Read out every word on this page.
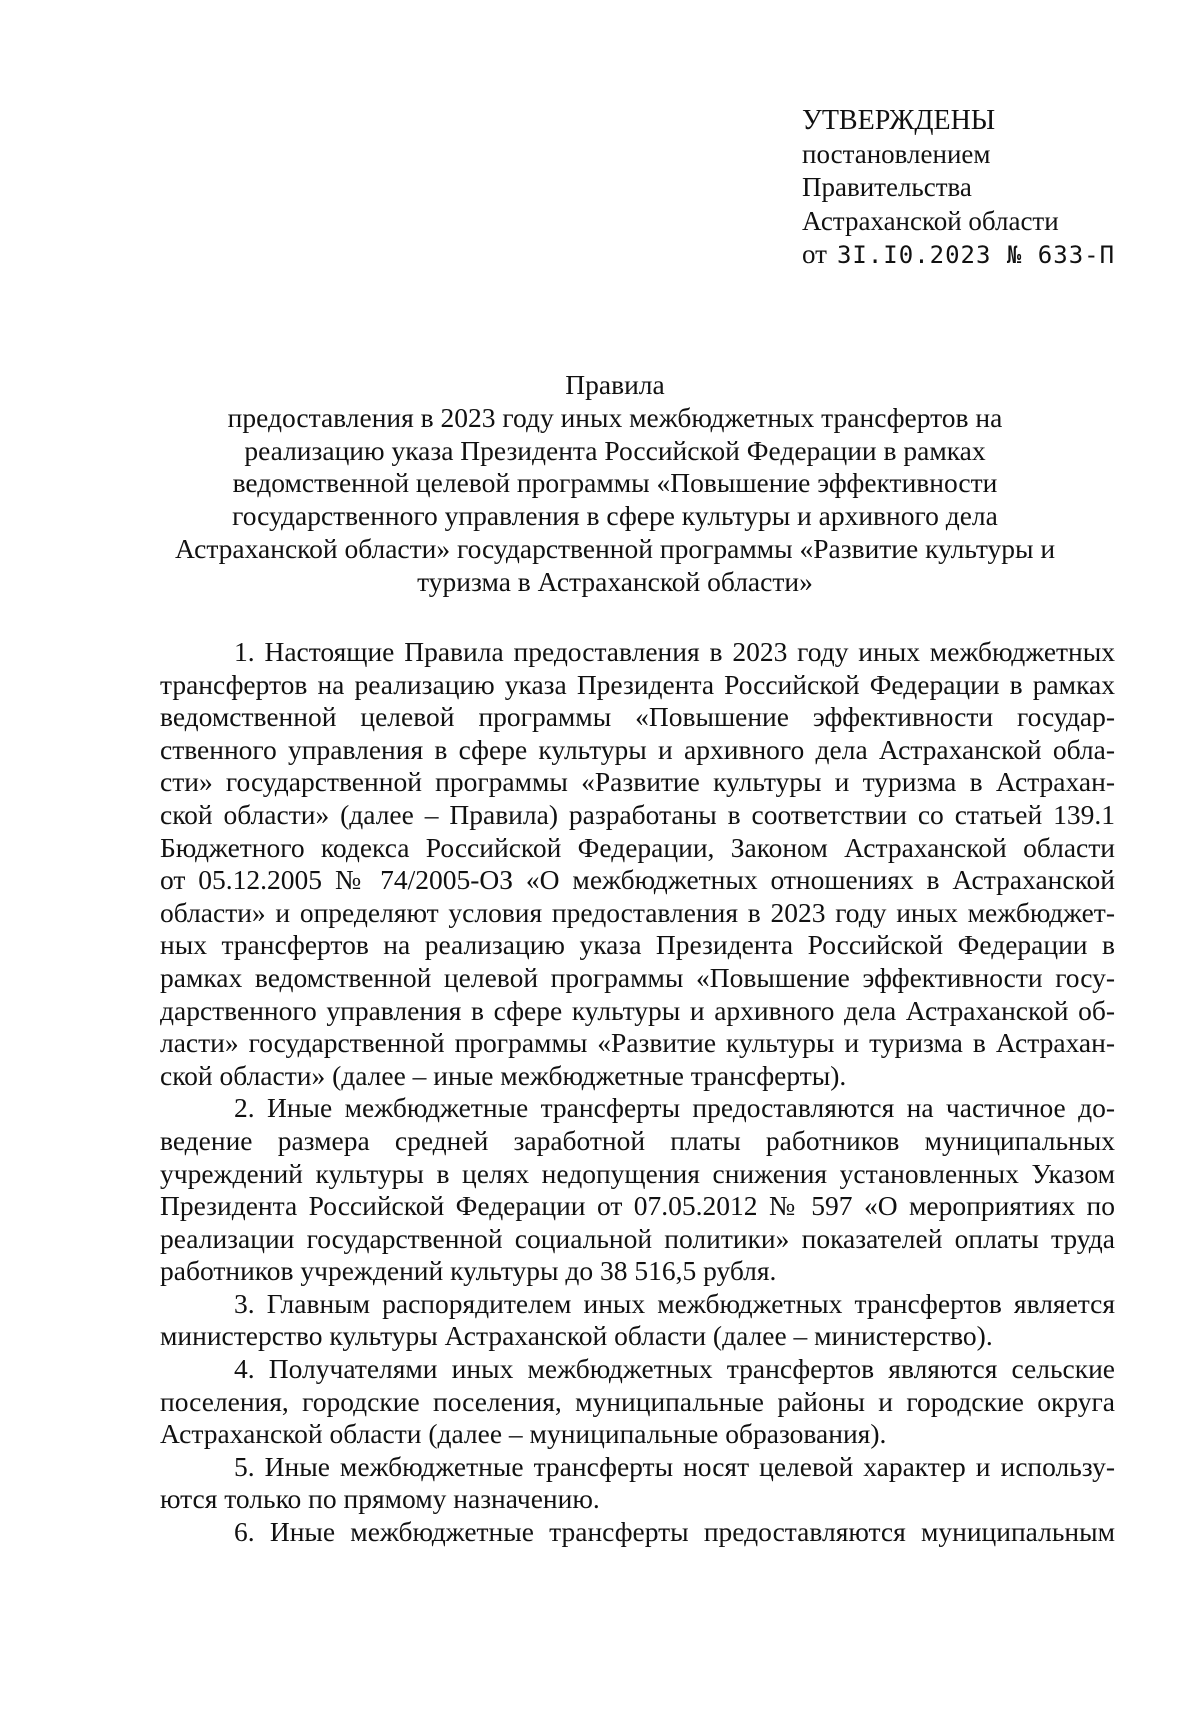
УТВЕРЖДЕНЫ
постановлением
Правительства
Астраханской области
от 3I.I0.2023 № 633-П
Правила
предоставления в 2023 году иных межбюджетных трансфертов на
реализацию указа Президента Российской Федерации в рамках
ведомственной целевой программы «Повышение эффективности
государственного управления в сфере культуры и архивного дела
Астраханской области» государственной программы «Развитие культуры и
туризма в Астраханской области»
1. Настоящие Правила предоставления в 2023 году иных межбюджетных
трансфертов на реализацию указа Президента Российской Федерации в рамках
ведомственной целевой программы «Повышение эффективности государ-
ственного управления в сфере культуры и архивного дела Астраханской обла-
сти» государственной программы «Развитие культуры и туризма в Астрахан-
ской области» (далее – Правила) разработаны в соответствии со статьей 139.1
Бюджетного кодекса Российской Федерации, Законом Астраханской области
от 05.12.2005 № 74/2005-ОЗ «О межбюджетных отношениях в Астраханской
области» и определяют условия предоставления в 2023 году иных межбюджет-
ных трансфертов на реализацию указа Президента Российской Федерации в
рамках ведомственной целевой программы «Повышение эффективности госу-
дарственного управления в сфере культуры и архивного дела Астраханской об-
ласти» государственной программы «Развитие культуры и туризма в Астрахан-
ской области» (далее – иные межбюджетные трансферты).
2. Иные межбюджетные трансферты предоставляются на частичное до-
ведение размера средней заработной платы работников муниципальных
учреждений культуры в целях недопущения снижения установленных Указом
Президента Российской Федерации от 07.05.2012 № 597 «О мероприятиях по
реализации государственной социальной политики» показателей оплаты труда
работников учреждений культуры до 38 516,5 рубля.
3. Главным распорядителем иных межбюджетных трансфертов является
министерство культуры Астраханской области (далее – министерство).
4. Получателями иных межбюджетных трансфертов являются сельские
поселения, городские поселения, муниципальные районы и городские округа
Астраханской области (далее – муниципальные образования).
5. Иные межбюджетные трансферты носят целевой характер и использу-
ются только по прямому назначению.
6. Иные межбюджетные трансферты предоставляются муниципальным
